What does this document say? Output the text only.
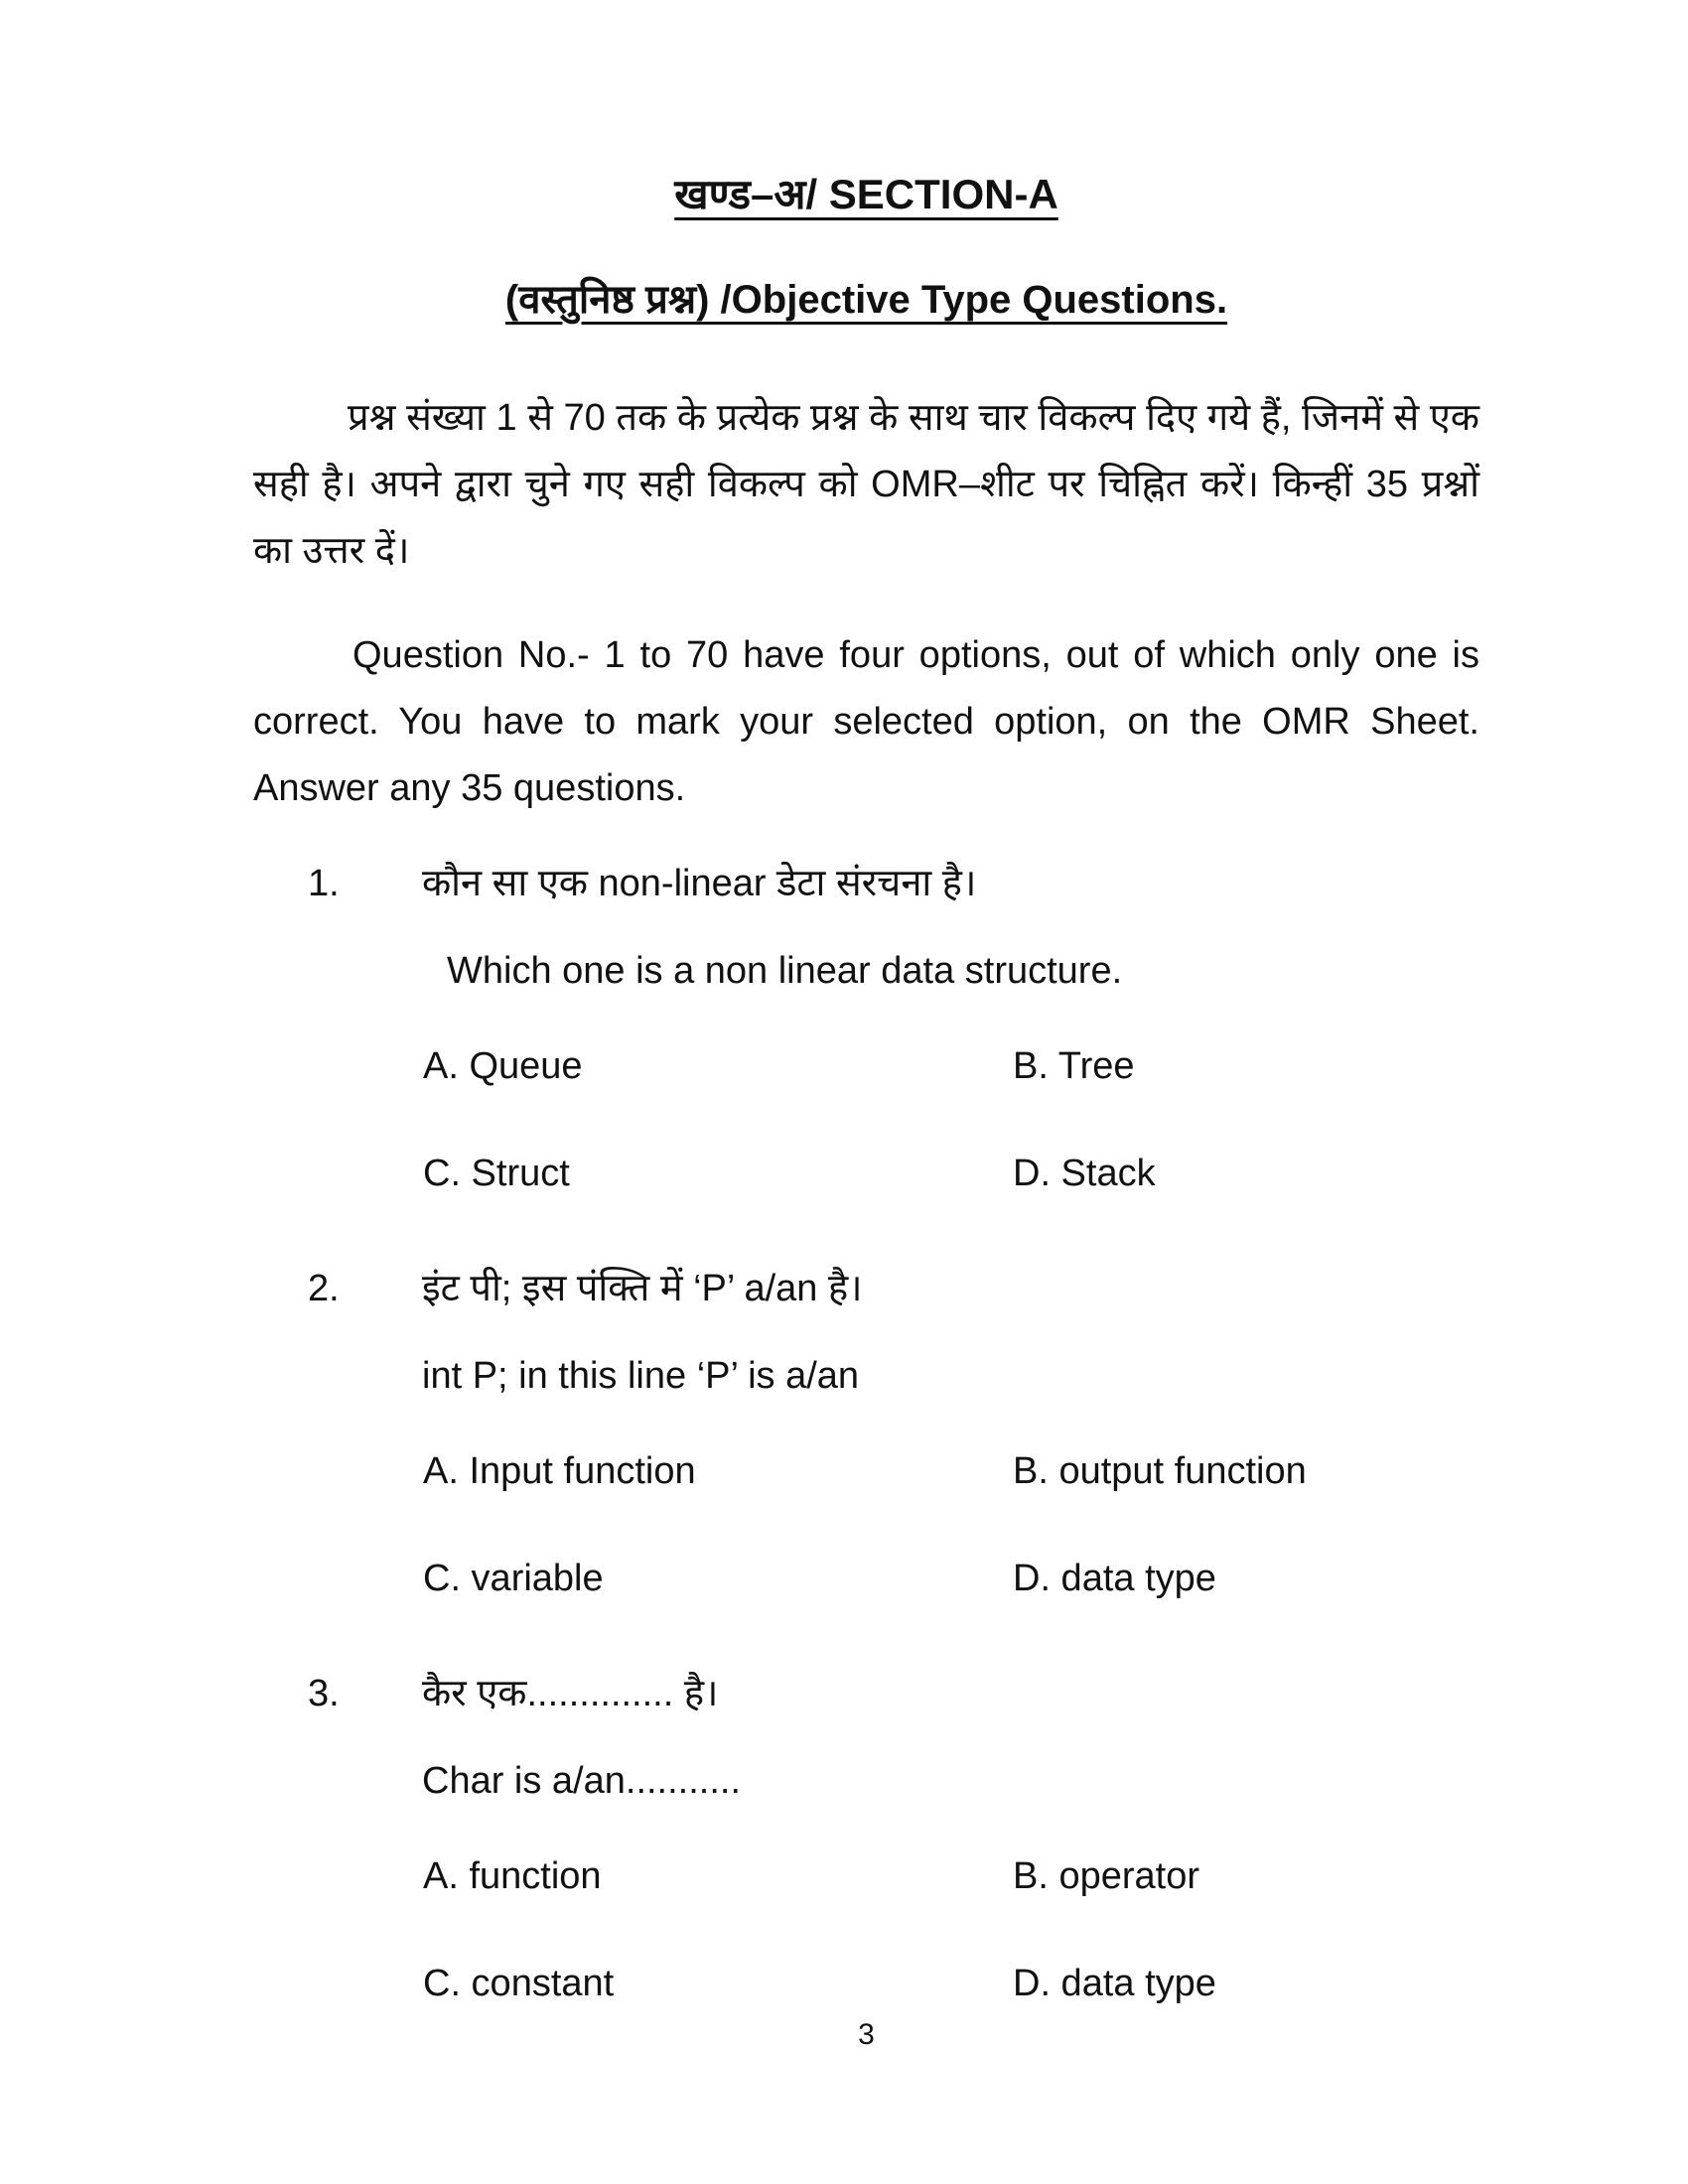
खण्ड–अ/ SECTION-A
(वस्तुनिष्ठ प्रश्न) /Objective Type Questions.

प्रश्न संख्या 1 से 70 तक के प्रत्येक प्रश्न के साथ चार विकल्प दिए गये हैं, जिनमें से एक सही है। अपने द्वारा चुने गए सही विकल्प को OMR–शीट पर चिह्नित करें। किन्हीं 35 प्रश्नों का उत्तर दें।

Question No.- 1 to 70 have four options, out of which only one is correct. You have to mark your selected option, on the OMR Sheet. Answer any 35 questions.

1.	कौन सा एक non-linear डेटा संरचना है।
Which one is a non linear data structure.
A. Queue	B. Tree
C. Struct	D. Stack
2.	इंट पी; इस पंक्ति में ‘P’ a/an है।
int P; in this line ‘P’ is a/an
A. Input function	B. output function
C. variable	D. data type
3.	कैर एक.............. है।
Char is a/an...........
A. function	B. operator
C. constant	D. data type
3
